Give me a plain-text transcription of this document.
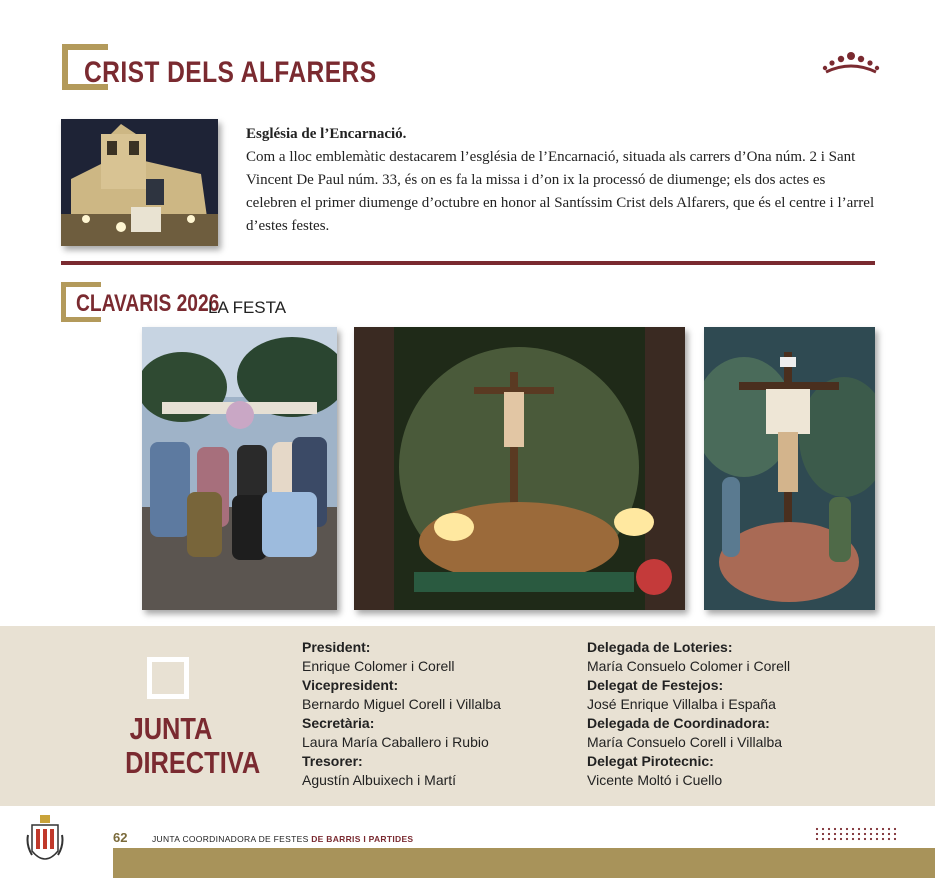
CRIST DELS ALFARERS
Església de l’Encarnació.
Com a lloc emblemàtic destacarem l’església de l’Encarnació, situada als carrers d’Ona núm. 2 i Sant Vincent De Paul núm. 33, és on es fa la missa i d’on ix la processó de diumenge; els dos actes es celebren el primer diumenge d’octubre en honor al Santíssim Crist dels Alfarers, que és el centre i l’arrel d’estes festes.
CLAVARIS 2026
LA FESTA
JUNTA
DIRECTIVA
President:
Enrique Colomer i Corell
Vicepresident:
Bernardo Miguel Corell i Villalba
Secretària:
Laura María Caballero i Rubio
Tresorer:
Agustín Albuixech i Martí
Delegada de Loteries:
María Consuelo Colomer i Corell
Delegat de Festejos:
José Enrique Villalba i España
Delegada de Coordinadora:
María Consuelo Corell i Villalba
Delegat Pirotecnic:
Vicente Moltó i Cuello
62	JUNTA COORDINADORA DE FESTES DE BARRIS I PARTIDES
